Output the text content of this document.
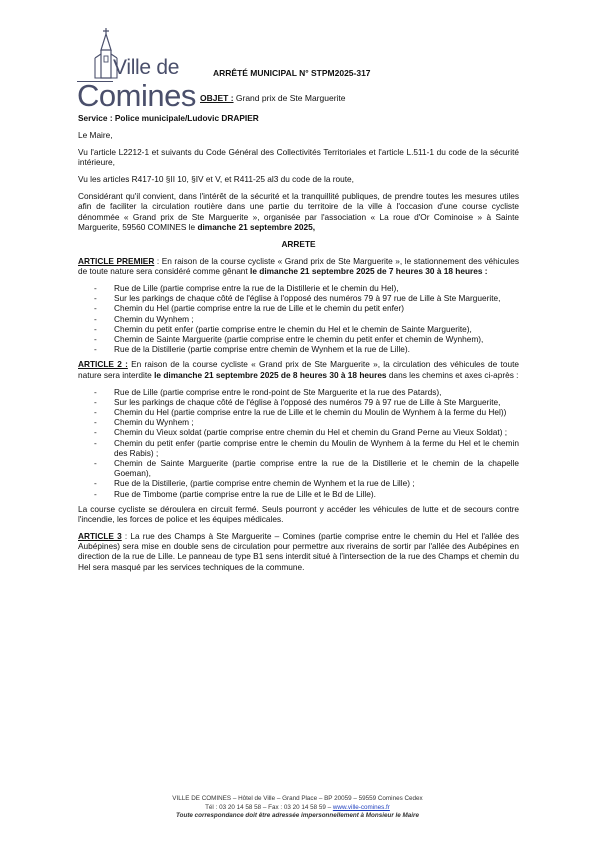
Ville de
Comines
ARRÊTÉ MUNICIPAL N° STPM2025-317
OBJET : Grand prix de Ste Marguerite

Service : Police municipale/Ludovic DRAPIER

Le Maire,

Vu l'article L2212-1 et suivants du Code Général des Collectivités Territoriales et l'article L.511-1 du code de la sécurité intérieure,

Vu les articles R417-10 §II 10, §IV et V, et R411-25 al3 du code de la route,

Considérant qu'il convient, dans l'intérêt de la sécurité et la tranquillité publiques, de prendre toutes les mesures utiles afin de faciliter la circulation routière dans une partie du territoire de la ville à l'occasion d'une course cycliste dénommée « Grand prix de Ste Marguerite », organisée par l'association « La roue d'Or Cominoise » à Sainte Marguerite, 59560 COMINES le dimanche 21 septembre 2025,

ARRETE

ARTICLE PREMIER : En raison de la course cycliste « Grand prix de Ste Marguerite », le stationnement des véhicules de toute nature sera considéré comme gênant le dimanche 21 septembre 2025 de 7 heures 30 à 18 heures :

- Rue de Lille (partie comprise entre la rue de la Distillerie et le chemin du Hel),
- Sur les parkings de chaque côté de l'église à l'opposé des numéros 79 à 97 rue de Lille à Ste Marguerite,
- Chemin du Hel (partie comprise entre la rue de Lille et le chemin du petit enfer)
- Chemin du Wynhem ;
- Chemin du petit enfer (partie comprise entre le chemin du Hel et le chemin de Sainte Marguerite),
- Chemin de Sainte Marguerite (partie comprise entre le chemin du petit enfer et chemin de Wynhem),
- Rue de la Distillerie (partie comprise entre chemin de Wynhem et la rue de Lille).

ARTICLE 2 : En raison de la course cycliste « Grand prix de Ste Marguerite », la circulation des véhicules de toute nature sera interdite le dimanche 21 septembre 2025 de 8 heures 30 à 18 heures dans les chemins et axes ci-après :

- Rue de Lille (partie comprise entre le rond-point de Ste Marguerite et la rue des Patards),
- Sur les parkings de chaque côté de l'église à l'opposé des numéros 79 à 97 rue de Lille à Ste Marguerite,
- Chemin du Hel (partie comprise entre la rue de Lille et le chemin du Moulin de Wynhem à la ferme du Hel))
- Chemin du Wynhem ;
- Chemin du Vieux soldat (partie comprise entre chemin du Hel et chemin du Grand Perne au Vieux Soldat) ;
- Chemin du petit enfer (partie comprise entre le chemin du Moulin de Wynhem à la ferme du Hel et le chemin des Rabis) ;
- Chemin de Sainte Marguerite (partie comprise entre la rue de la Distillerie et le chemin de la chapelle Goeman),
- Rue de la Distillerie, (partie comprise entre chemin de Wynhem et la rue de Lille) ;
- Rue de Timbome (partie comprise entre la rue de Lille et le Bd de Lille).

La course cycliste se déroulera en circuit fermé. Seuls pourront y accéder les véhicules de lutte et de secours contre l'incendie, les forces de police et les équipes médicales.

ARTICLE 3 : La rue des Champs à Ste Marguerite – Comines (partie comprise entre le chemin du Hel et l'allée des Aubépines) sera mise en double sens de circulation pour permettre aux riverains de sortir par l'allée des Aubépines en direction de la rue de Lille. Le panneau de type B1 sens interdit situé à l'intersection de la rue des Champs et chemin du Hel sera masqué par les services techniques de la commune.

VILLE DE COMINES – Hôtel de Ville – Grand Place – BP 20059 – 59559 Comines Cedex
Tél : 03 20 14 58 58 – Fax : 03 20 14 58 59 – www.ville-comines.fr
Toute correspondance doit être adressée impersonnellement à Monsieur le Maire
